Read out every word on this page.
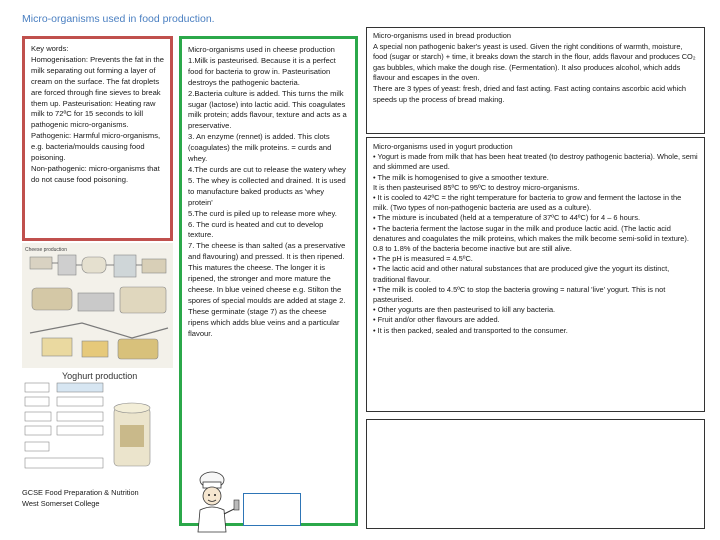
Micro-organisms used in food production.

Key words:
Homogenisation: Prevents the fat in the milk separating out forming a layer of cream on the surface. The fat droplets are forced through fine sieves to break them up. Pasteurisation: Heating raw milk to 72ºC for 15 seconds to kill pathogenic micro-organisms.
Pathogenic: Harmful micro-organisms, e.g. bacteria/moulds causing food poisoning.
Non-pathogenic: micro-organisms that do not cause food poisoning.

Cheese production
Yoghurt production
GCSE Food Preparation & Nutrition
West Somerset College

Micro-organisms used in cheese production
1.Milk is pasteurised. Because it is a perfect food for bacteria to grow in. Pasteurisation destroys the pathogenic bacteria.
2.Bacteria culture is added. This turns the milk sugar (lactose) into lactic acid. This coagulates milk protein; adds flavour, texture and acts as a preservative.
3. An enzyme (rennet) is added. This clots (coagulates) the milk proteins. = curds and whey.
4.The curds are cut to release the watery whey
5. The whey is collected and drained. It is used to manufacture baked products as 'whey protein'
5.The curd is piled up to release more whey.
6. The curd is heated and cut to develop texture.
7. The cheese is than salted (as a preservative and flavouring) and pressed. It is then ripened. This matures the cheese. The longer it is ripened, the stronger and more mature the cheese. In blue veined cheese e.g. Stilton the spores of special moulds are added at stage 2. These germinate (stage 7) as the cheese ripens which adds blue veins and a particular flavour.

Micro-organisms used in bread production
A special non pathogenic baker's yeast is used. Given the right conditions of warmth, moisture, food (sugar or starch) + time, it breaks down the starch in the flour, adds flavour and produces CO₂ gas bubbles, which make the dough rise. (Fermentation). It also produces alcohol, which adds flavour and escapes in the oven.
There are 3 types of yeast: fresh, dried and fast acting. Fast acting contains ascorbic acid which speeds up the process of bread making.

Micro-organisms used in yogurt production
• Yogurt is made from milk that has been heat treated (to destroy pathogenic bacteria). Whole, semi and skimmed are used.
• The milk is homogenised to give a smoother texture.
It is then pasteurised 85ºC to 95ºC to destroy micro-organisms.
• It is cooled to 42ºC = the right temperature for bacteria to grow and ferment the lactose in the milk. (Two types of non-pathogenic bacteria are used as a culture).
• The mixture is incubated (held at a temperature of 37ºC to 44ºC) for 4 – 6 hours.
• The bacteria ferment the lactose sugar in the milk and produce lactic acid. (The lactic acid denatures and coagulates the milk proteins, which makes the milk become semi-solid in texture). 0.8 to 1.8% of the bacteria become inactive but are still alive.
• The pH is measured = 4.5ºC.
• The lactic acid and other natural substances that are produced give the yogurt its distinct, traditional flavour.
• The milk is cooled to 4.5ºC to stop the bacteria growing = natural 'live' yogurt. This is not pasteurised.
• Other yogurts are then pasteurised to kill any bacteria.
• Fruit and/or other flavours are added.
• It is then packed, sealed and transported to the consumer.
